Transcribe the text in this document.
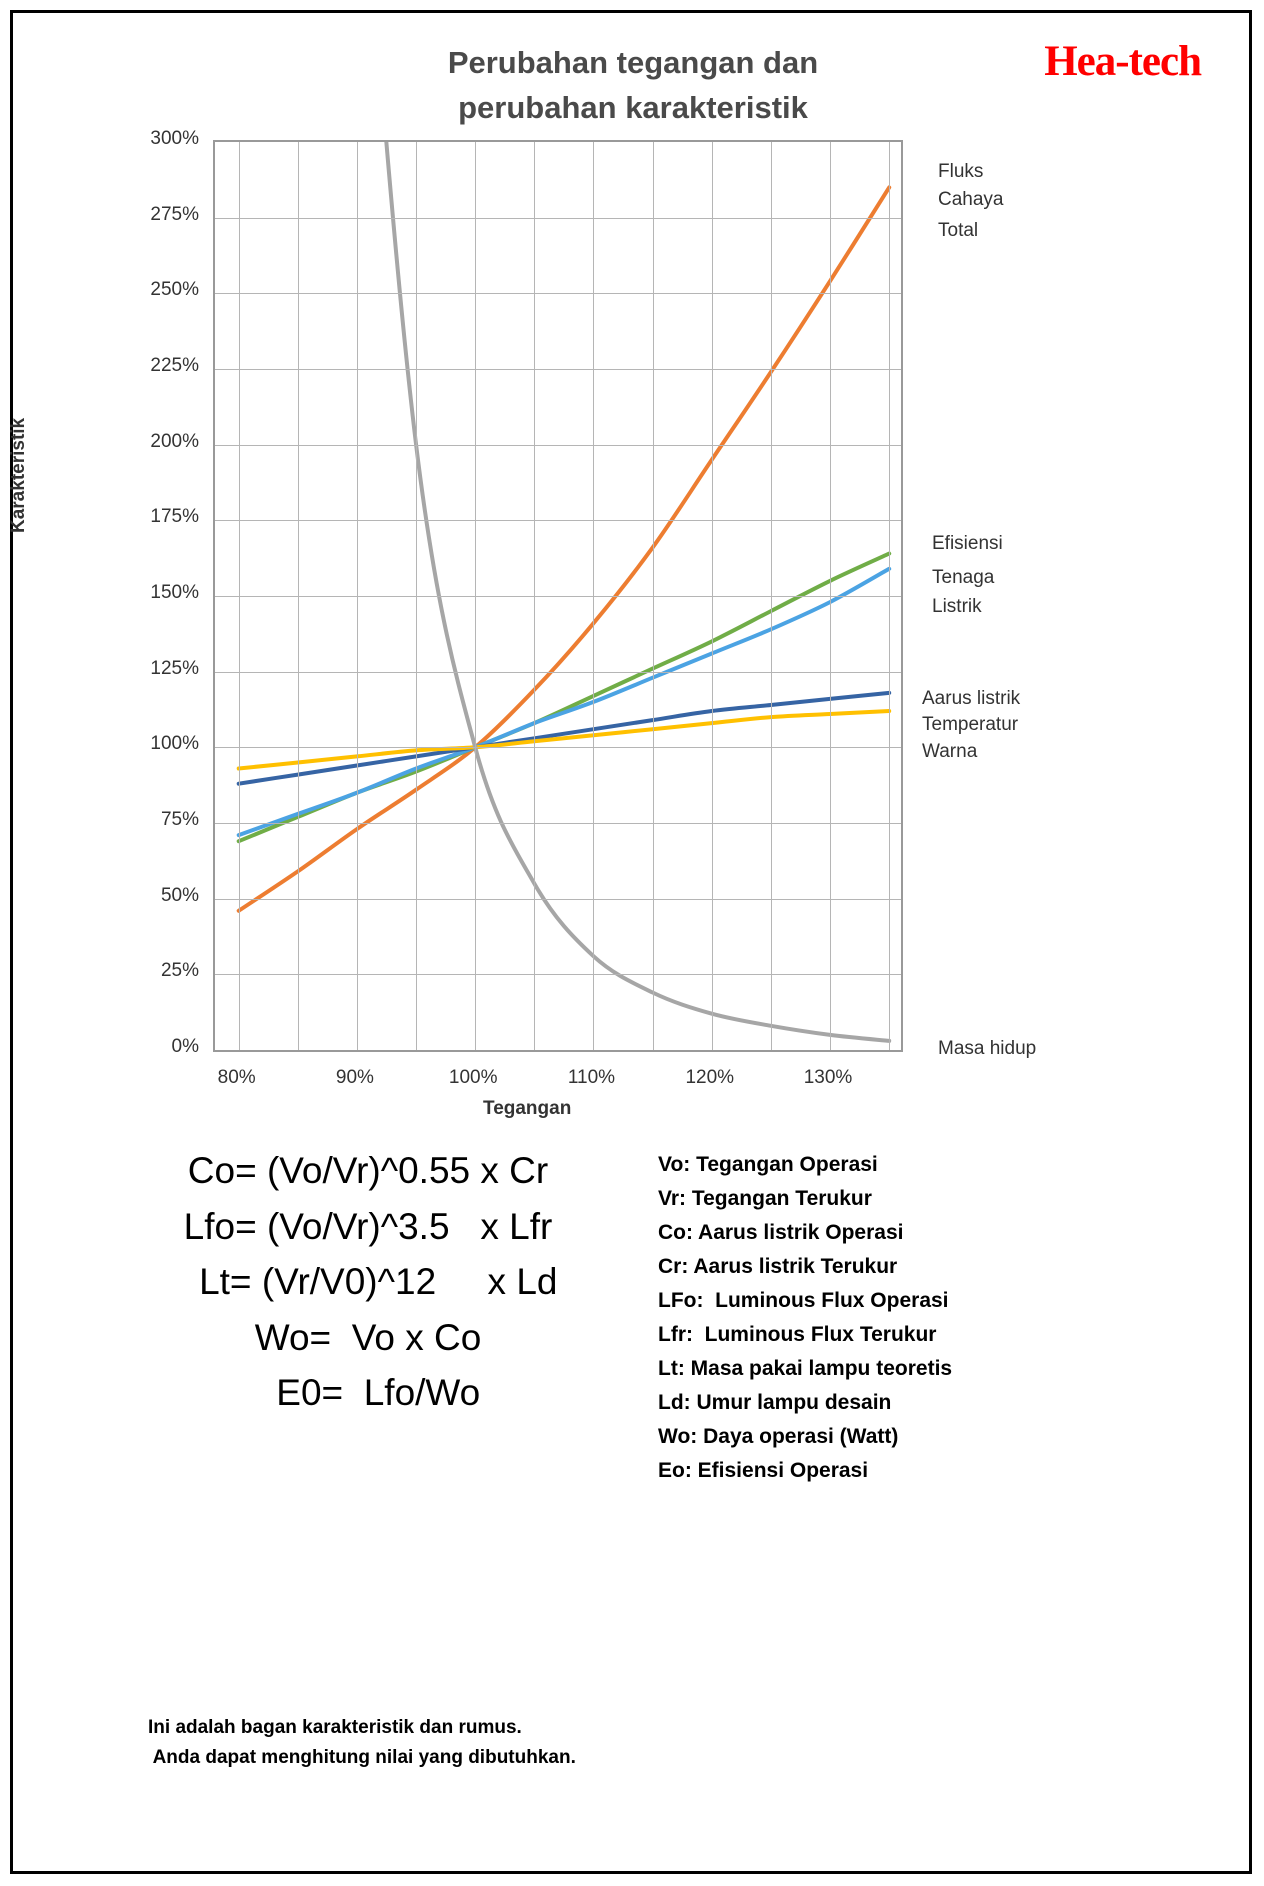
Perubahan tegangan dan
perubahan karakteristik
Hea-tech
Karakteristik
Tegangan
0%
25%
50%
75%
100%
125%
150%
175%
200%
225%
250%
275%
300%
80%	90%	100%	110%	120%	130%
Fluks
Cahaya
Total
Efisiensi
Tenaga
Listrik
Aarus listrik
Temperatur
Warna
Masa hidup
Co= (Vo/Vr)^0.55 x Cr
Lfo= (Vo/Vr)^3.5   x Lfr
Lt= (Vr/V0)^12     x Ld
Wo=  Vo x Co
E0=  Lfo/Wo
Vo: Tegangan Operasi
Vr: Tegangan Terukur
Co: Aarus listrik Operasi
Cr: Aarus listrik Terukur
LFo:  Luminous Flux Operasi
Lfr:  Luminous Flux Terukur
Lt: Masa pakai lampu teoretis
Ld: Umur lampu desain
Wo: Daya operasi (Watt)
Eo: Efisiensi Operasi
Ini adalah bagan karakteristik dan rumus.
Anda dapat menghitung nilai yang dibutuhkan.
